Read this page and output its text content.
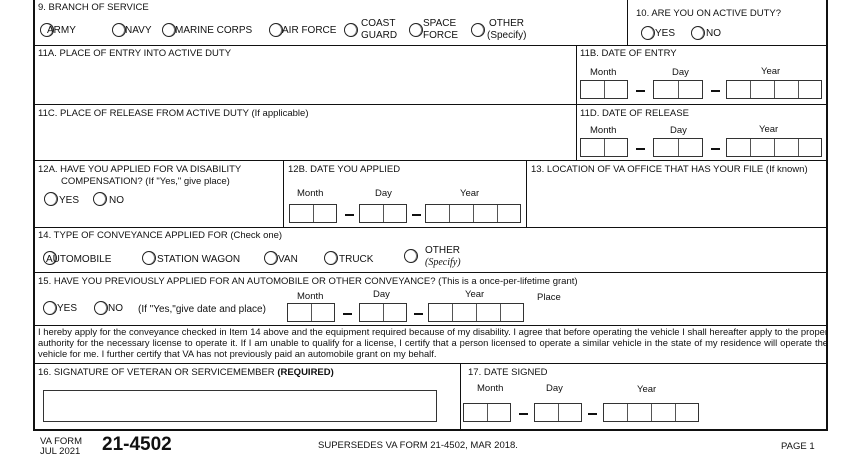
9. BRANCH OF SERVICE
ARMY	NAVY MARINE CORPS	AIR FORCE
COAST
GUARD
SPACE
FORCE
OTHER
(Specify)
10. ARE YOU ON ACTIVE DUTY?
YES	NO
11A. PLACE OF ENTRY INTO ACTIVE DUTY	11B. DATE OF ENTRY
Month	Day	Year
11C. PLACE OF RELEASE FROM ACTIVE DUTY (If applicable)	11D. DATE OF RELEASE
Month	Day	Year
12A. HAVE YOU APPLIED FOR VA DISABILITY
COMPENSATION? (If "Yes," give place)
YES	NO
12B. DATE YOU APPLIED
Month	Day	Year
13. LOCATION OF VA OFFICE THAT HAS YOUR FILE (If known)
14. TYPE OF CONVEYANCE APPLIED FOR (Check one)
AUTOMOBILE	STATION WAGON	VAN	TRUCK
OTHER
(Specify)
15. HAVE YOU PREVIOUSLY APPLIED FOR AN AUTOMOBILE OR OTHER CONVEYANCE? (This is a once-per-lifetime grant)
YES	NO (If "Yes,"give date and place)
Month	Day	Year	Place
I hereby apply for the conveyance checked in Item 14 above and the equipment required because of my disability. I agree that before operating the vehicle I shall hereafter apply to the proper authority for the necessary license to operate it. If I am unable to qualify for a license, I certify that a person licensed to operate a similar vehicle in the state of my residence will operate the vehicle for me. I further certify that VA has not previously paid an automobile grant on my behalf.
16. SIGNATURE OF VETERAN OR SERVICEMEMBER (REQUIRED)	17. DATE SIGNED
Month	Day	Year
VA FORM
JUL 2021 21-4502	SUPERSEDES VA FORM 21-4502, MAR 2018.	PAGE 1
